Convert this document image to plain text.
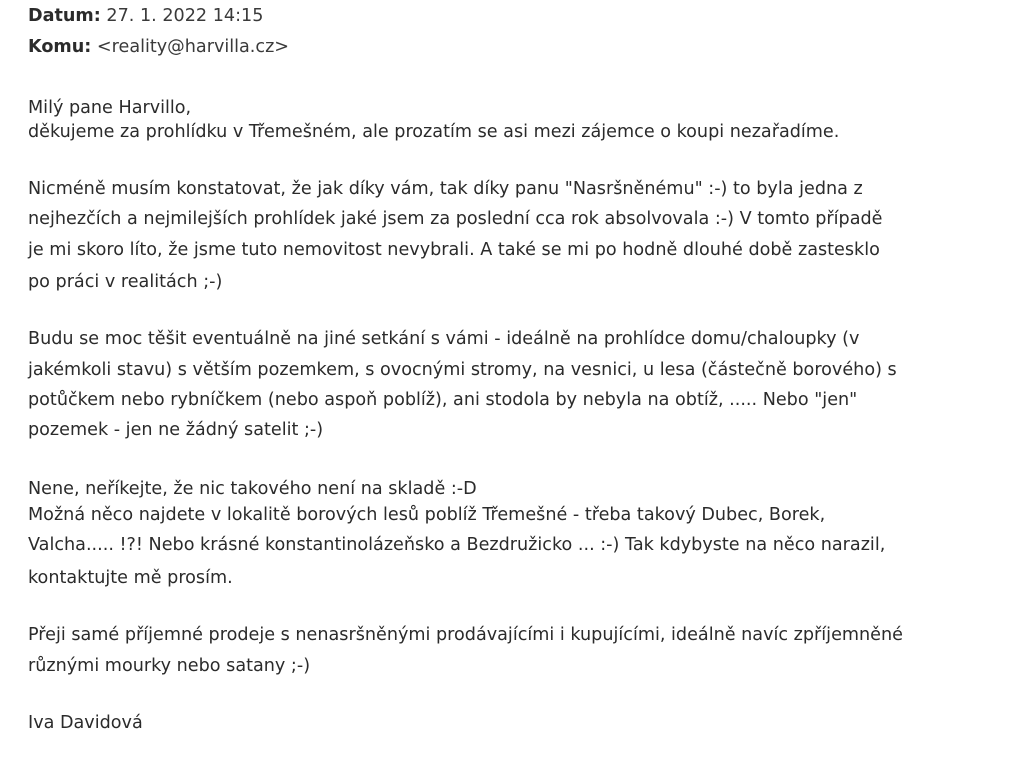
Datum: 27. 1. 2022 14:15
Komu: <reality@harvilla.cz>

Milý pane Harvillo,

děkujeme za prohlídku v Třemešném, ale prozatím se asi mezi zájemce o koupi nezařadíme.

Nicméně musím konstatovat, že jak díky vám, tak díky panu "Nasršněnému" :-) to byla jedna z

nejhezčích a nejmilejších prohlídek jaké jsem za poslední cca rok absolvovala :-) V tomto případě

je mi skoro líto, že jsme tuto nemovitost nevybrali. A také se mi po hodně dlouhé době zastesklo

po práci v realitách ;-)

Budu se moc těšit eventuálně na jiné setkání s vámi - ideálně na prohlídce domu/chaloupky (v

jakémkoli stavu) s větším pozemkem, s ovocnými stromy, na vesnici, u lesa (částečně borového) s

potůčkem nebo rybníčkem (nebo aspoň poblíž), ani stodola by nebyla na obtíž, ..... Nebo "jen"

pozemek - jen ne žádný satelit ;-)

Nene, neříkejte, že nic takového není na skladě :-D

Možná něco najdete v lokalitě borových lesů poblíž Třemešné - třeba takový Dubec, Borek,

Valcha..... !?! Nebo krásné konstantinolázeňsko a Bezdružicko ... :-) Tak kdybyste na něco narazil,

kontaktujte mě prosím.

Přeji samé příjemné prodeje s nenasršněnými prodávajícími i kupujícími, ideálně navíc zpříjemněné

různými mourky nebo satany ;-)

Iva Davidová
